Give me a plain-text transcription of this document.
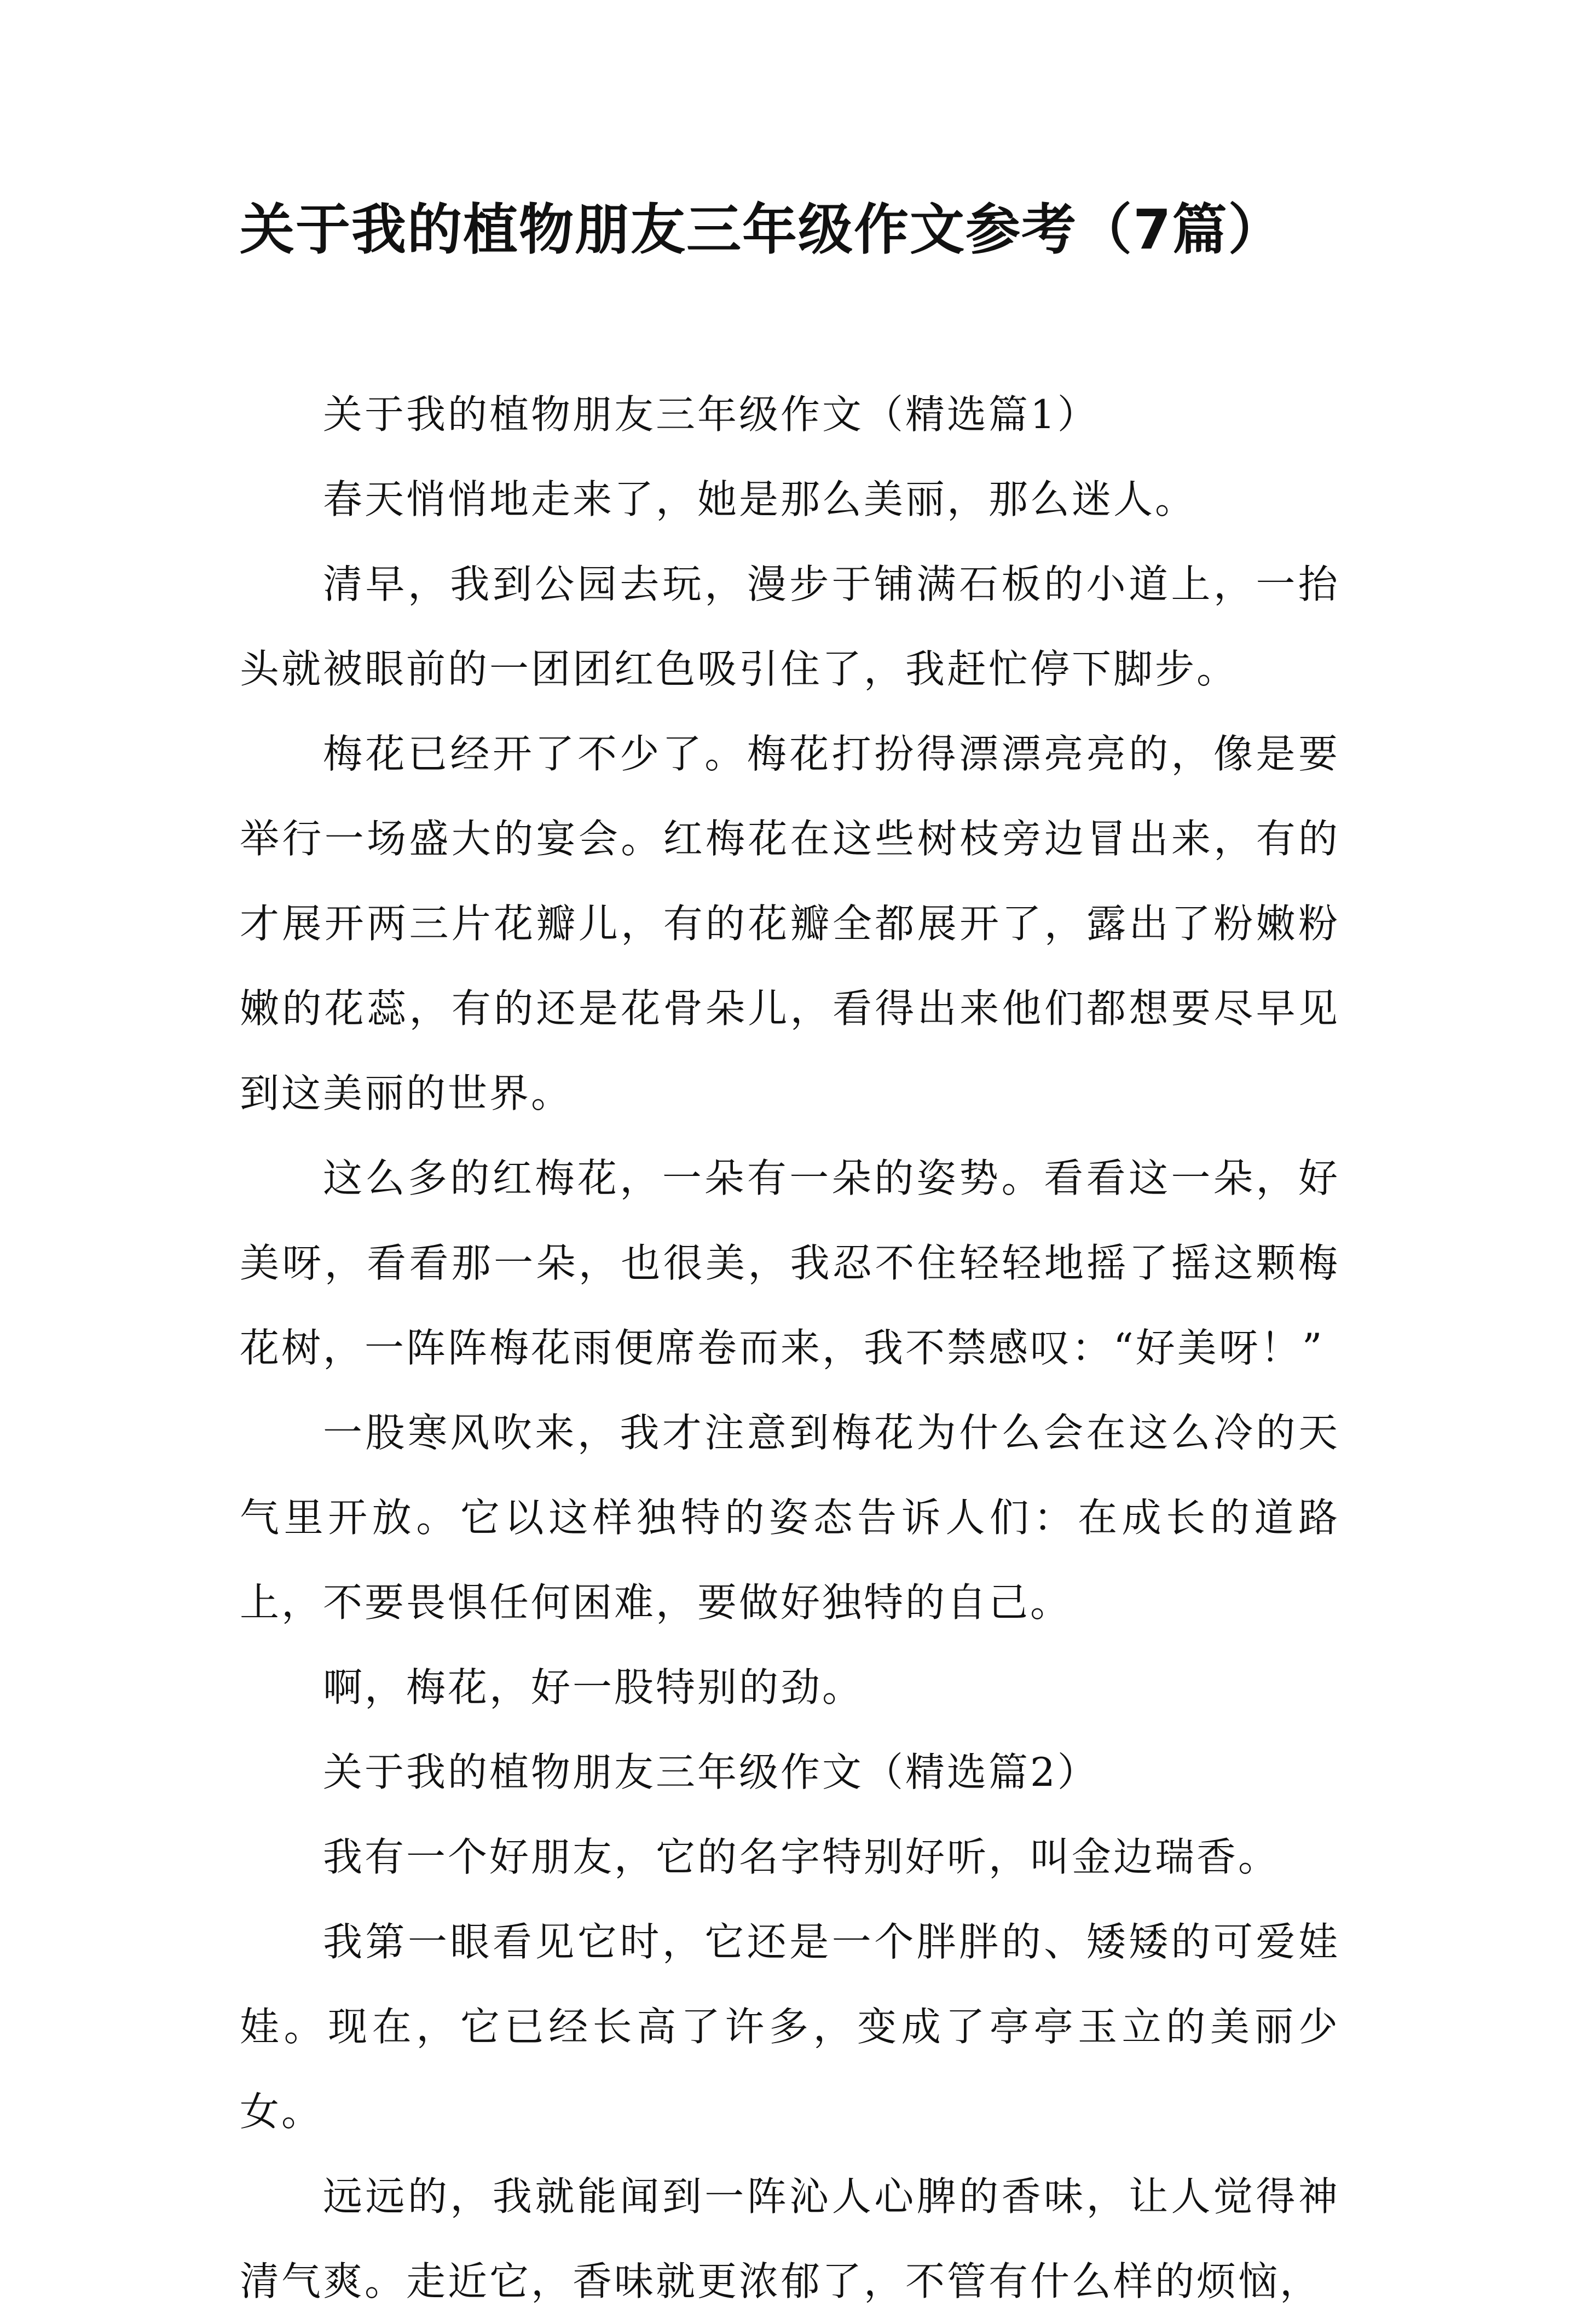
关于我的植物朋友三年级作文参考（7篇）

关于我的植物朋友三年级作文（精选篇1）

春天悄悄地走来了，她是那么美丽，那么迷人。

清早，我到公园去玩，漫步于铺满石板的小道上，一抬头就被眼前的一团团红色吸引住了，我赶忙停下脚步。

梅花已经开了不少了。梅花打扮得漂漂亮亮的，像是要举行一场盛大的宴会。红梅花在这些树枝旁边冒出来，有的才展开两三片花瓣儿，有的花瓣全都展开了，露出了粉嫩粉嫩的花蕊，有的还是花骨朵儿，看得出来他们都想要尽早见到这美丽的世界。

这么多的红梅花，一朵有一朵的姿势。看看这一朵，好美呀，看看那一朵，也很美，我忍不住轻轻地摇了摇这颗梅花树，一阵阵梅花雨便席卷而来，我不禁感叹：“好美呀！”

一股寒风吹来，我才注意到梅花为什么会在这么冷的天气里开放。它以这样独特的姿态告诉人们：在成长的道路上，不要畏惧任何困难，要做好独特的自己。

啊，梅花，好一股特别的劲。

关于我的植物朋友三年级作文（精选篇2）

我有一个好朋友，它的名字特别好听，叫金边瑞香。

我第一眼看见它时，它还是一个胖胖的、矮矮的可爱娃娃。现在，它已经长高了许多，变成了亭亭玉立的美丽少女。

远远的，我就能闻到一阵沁人心脾的香味，让人觉得神清气爽。走近它，香味就更浓郁了，不管有什么样的烦恼，
